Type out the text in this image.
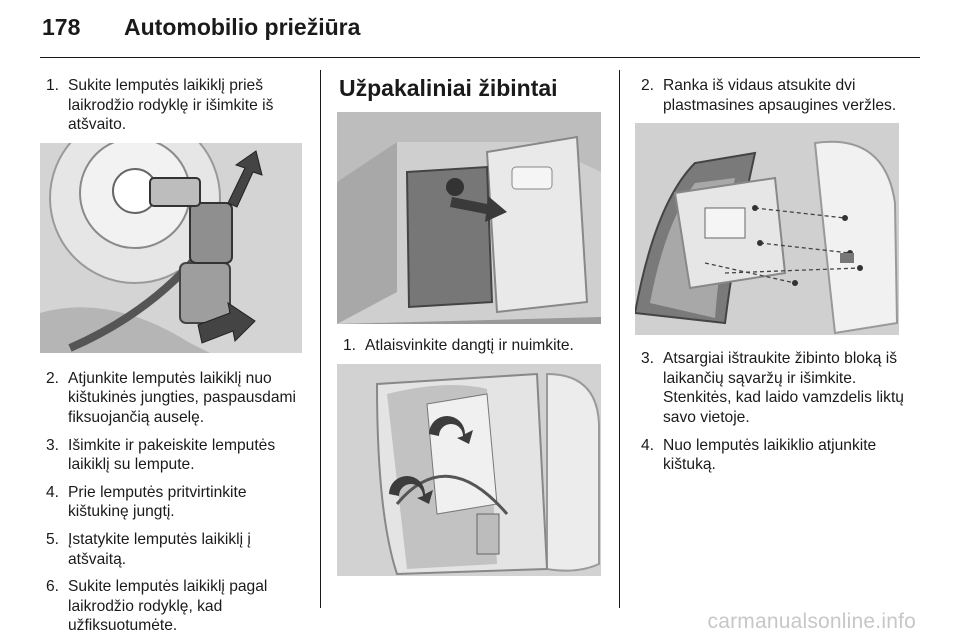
178	Automobilio priežiūra
1. Sukite lemputės laikiklį prieš laikrodžio rodyklę ir išimkite iš atšvaito.
2. Atjunkite lemputės laikiklį nuo kištukinės jungties, paspausdami fiksuojančią auselę.
3. Išimkite ir pakeiskite lemputės laikiklį su lempute.
4. Prie lemputės pritvirtinkite kištukinę jungtį.
5. Įstatykite lemputės laikiklį į atšvaitą.
6. Sukite lemputės laikiklį pagal laikrodžio rodyklę, kad užfiksuotumėte.
Užpakaliniai žibintai
1. Atlaisvinkite dangtį ir nuimkite.
2. Ranka iš vidaus atsukite dvi plastmasines apsaugines veržles.
3. Atsargiai ištraukite žibinto bloką iš laikančių sąvaržų ir išimkite. Stenkitės, kad laido vamzdelis liktų savo vietoje.
4. Nuo lemputės laikiklio atjunkite kištuką.
carmanualsonline.info
